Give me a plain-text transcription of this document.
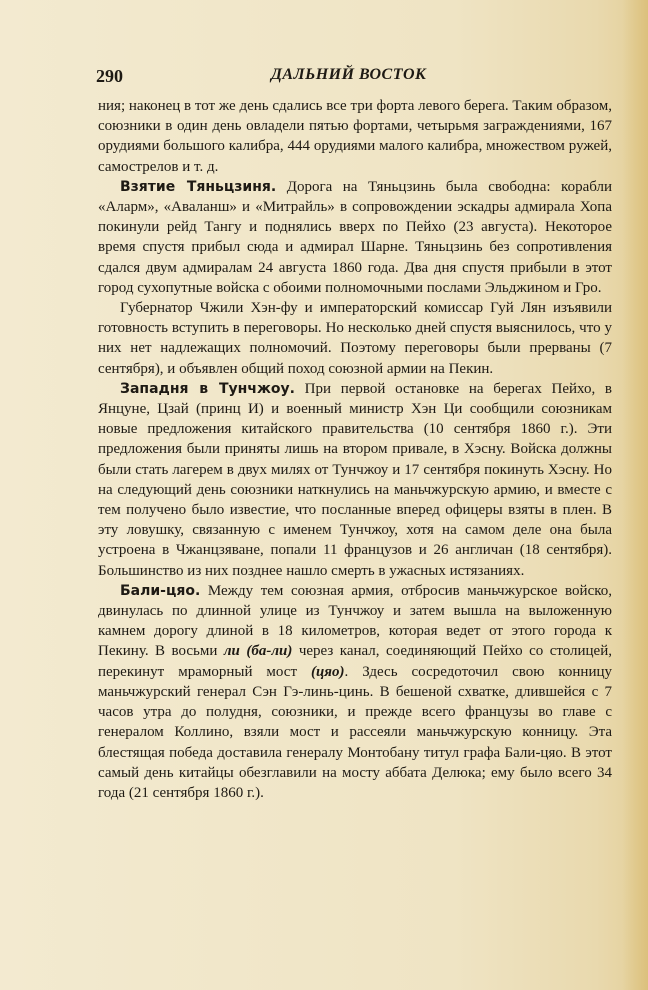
290	ДАЛЬНИЙ ВОСТОК

ния; наконец в тот же день сдались все три форта левого берега. Таким образом, союзники в один день овладели пятью фортами, четырьмя заграждениями, 167 орудиями большого калибра, 444 орудиями малого калибра, множеством ружей, самострелов и т. д.

Взятие Тяньцзиня. Дорога на Тяньцзинь была свободна: корабли «Аларм», «Аваланш» и «Митрайль» в сопровождении эскадры адмирала Хопа покинули рейд Тангу и поднялись вверх по Пейхо (23 августа). Некоторое время спустя прибыл сюда и адмирал Шарне. Тяньцзинь без сопротивления сдался двум адмиралам 24 августа 1860 года. Два дня спустя прибыли в этот город сухопутные войска с обоими полномочными послами Эльджином и Гро.

Губернатор Чжили Хэн-фу и императорский комиссар Гуй Лян изъявили готовность вступить в переговоры. Но несколько дней спустя выяснилось, что у них нет надлежащих полномочий. Поэтому переговоры были прерваны (7 сентября), и объявлен общий поход союзной армии на Пекин.

Западня в Тунчжоу. При первой остановке на берегах Пейхо, в Янцуне, Цзай (принц И) и военный министр Хэн Ци сообщили союзникам новые предложения китайского правительства (10 сентября 1860 г.). Эти предложения были приняты лишь на втором привале, в Хэсну. Войска должны были стать лагерем в двух милях от Тунчжоу и 17 сентября покинуть Хэсну. Но на следующий день союзники наткнулись на маньчжурскую армию, и вместе с тем получено было известие, что посланные вперед офицеры взяты в плен. В эту ловушку, связанную с именем Тунчжоу, хотя на самом деле она была устроена в Чжанцзяване, попали 11 французов и 26 англичан (18 сентября). Большинство из них позднее нашло смерть в ужасных истязаниях.

Бали-цяо. Между тем союзная армия, отбросив маньчжурское войско, двинулась по длинной улице из Тунчжоу и затем вышла на выложенную камнем дорогу длиной в 18 километров, которая ведет от этого города к Пекину. В восьми ли (ба-ли) через канал, соединяющий Пейхо со столицей, перекинут мраморный мост (цяо). Здесь сосредоточил свою конницу маньчжурский генерал Сэн Гэ-линь-цинь. В бешеной схватке, длившейся с 7 часов утра до полудня, союзники, и прежде всего французы во главе с генералом Коллино, взяли мост и рассеяли маньчжурскую конницу. Эта блестящая победа доставила генералу Монтобану титул графа Бали-цяо. В этот самый день китайцы обезглавили на мосту аббата Делюка; ему было всего 34 года (21 сентября 1860 г.).
